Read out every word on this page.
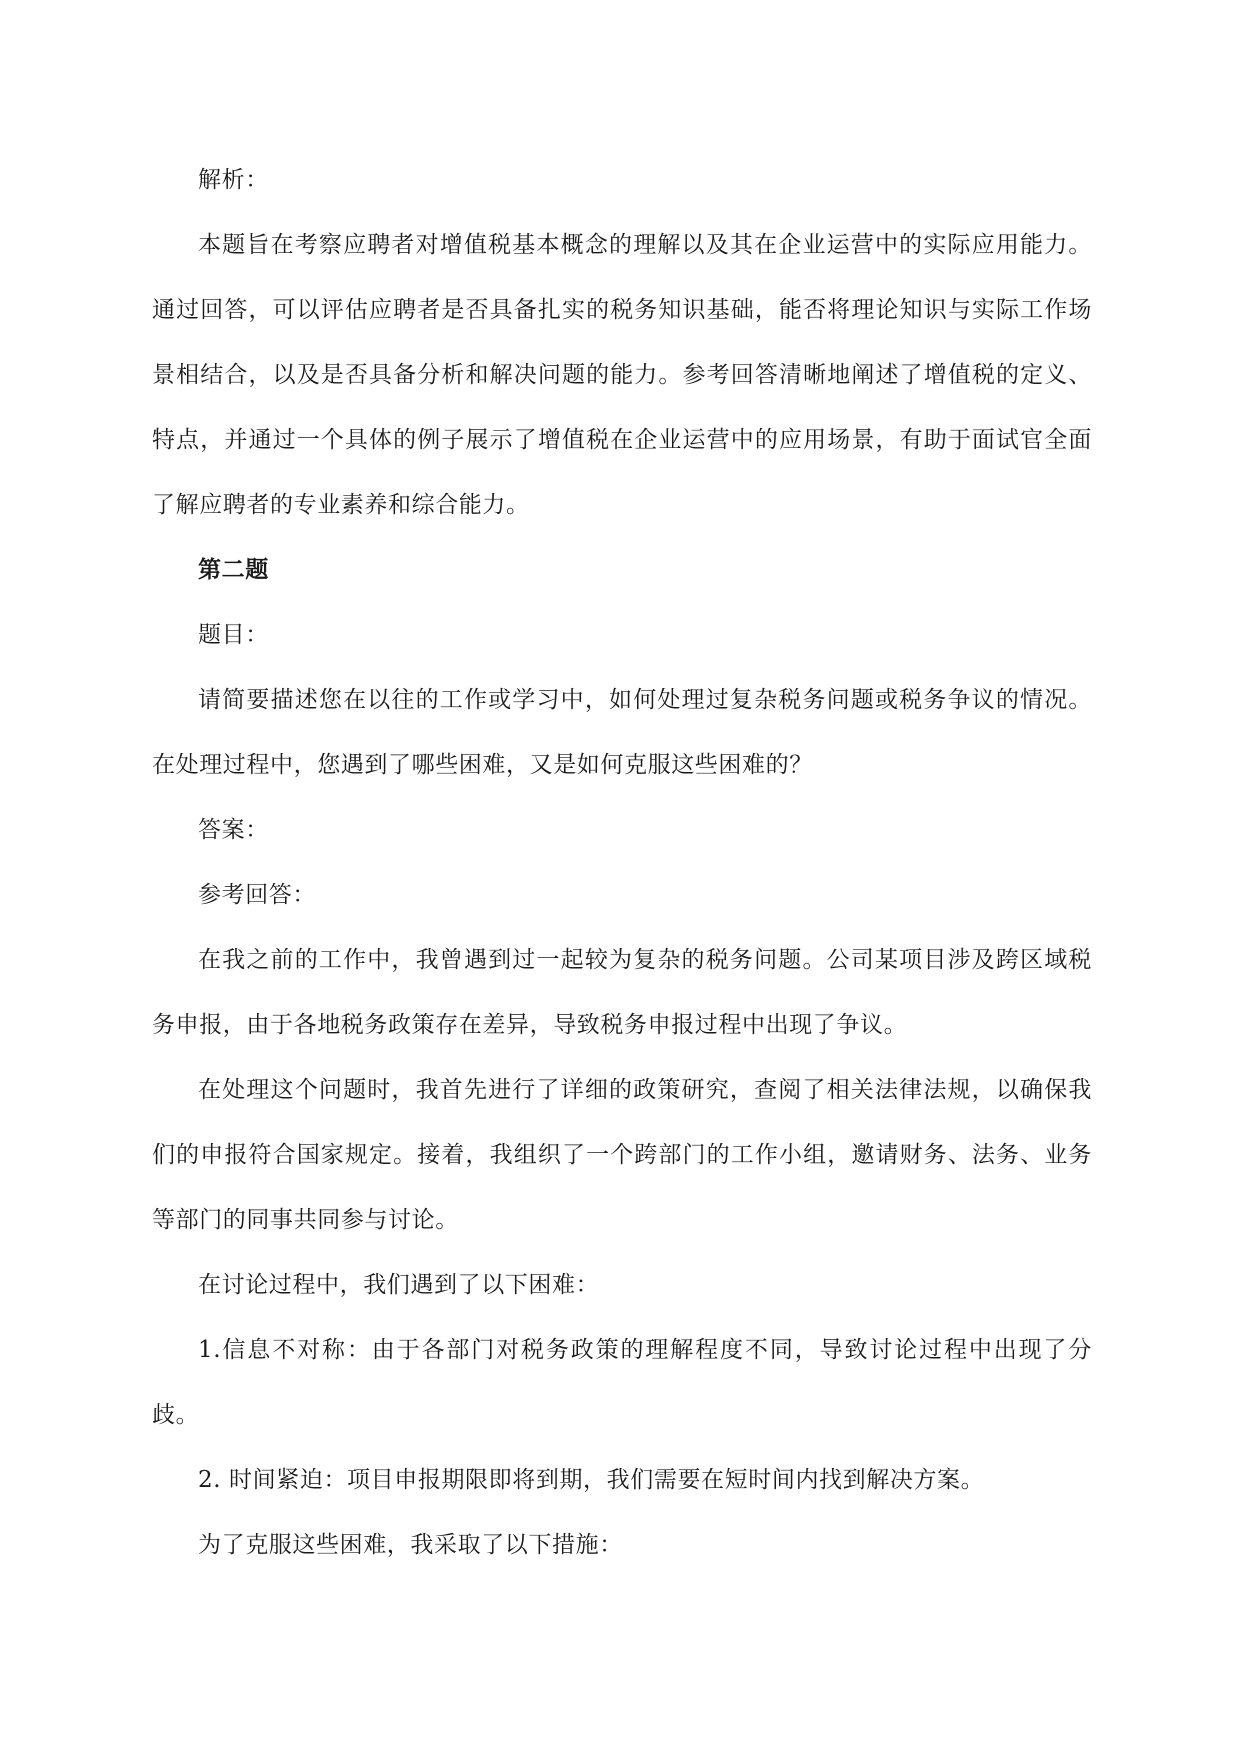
解析：

本题旨在考察应聘者对增值税基本概念的理解以及其在企业运营中的实际应用能力。通过回答，可以评估应聘者是否具备扎实的税务知识基础，能否将理论知识与实际工作场景相结合，以及是否具备分析和解决问题的能力。参考回答清晰地阐述了增值税的定义、特点，并通过一个具体的例子展示了增值税在企业运营中的应用场景，有助于面试官全面了解应聘者的专业素养和综合能力。

第二题

题目：

请简要描述您在以往的工作或学习中，如何处理过复杂税务问题或税务争议的情况。在处理过程中，您遇到了哪些困难，又是如何克服这些困难的？

答案：

参考回答：

在我之前的工作中，我曾遇到过一起较为复杂的税务问题。公司某项目涉及跨区域税务申报，由于各地税务政策存在差异，导致税务申报过程中出现了争议。

在处理这个问题时，我首先进行了详细的政策研究，查阅了相关法律法规，以确保我们的申报符合国家规定。接着，我组织了一个跨部门的工作小组，邀请财务、法务、业务等部门的同事共同参与讨论。

在讨论过程中，我们遇到了以下困难：

1.信息不对称：由于各部门对税务政策的理解程度不同，导致讨论过程中出现了分歧。

2. 时间紧迫：项目申报期限即将到期，我们需要在短时间内找到解决方案。

为了克服这些困难，我采取了以下措施：
